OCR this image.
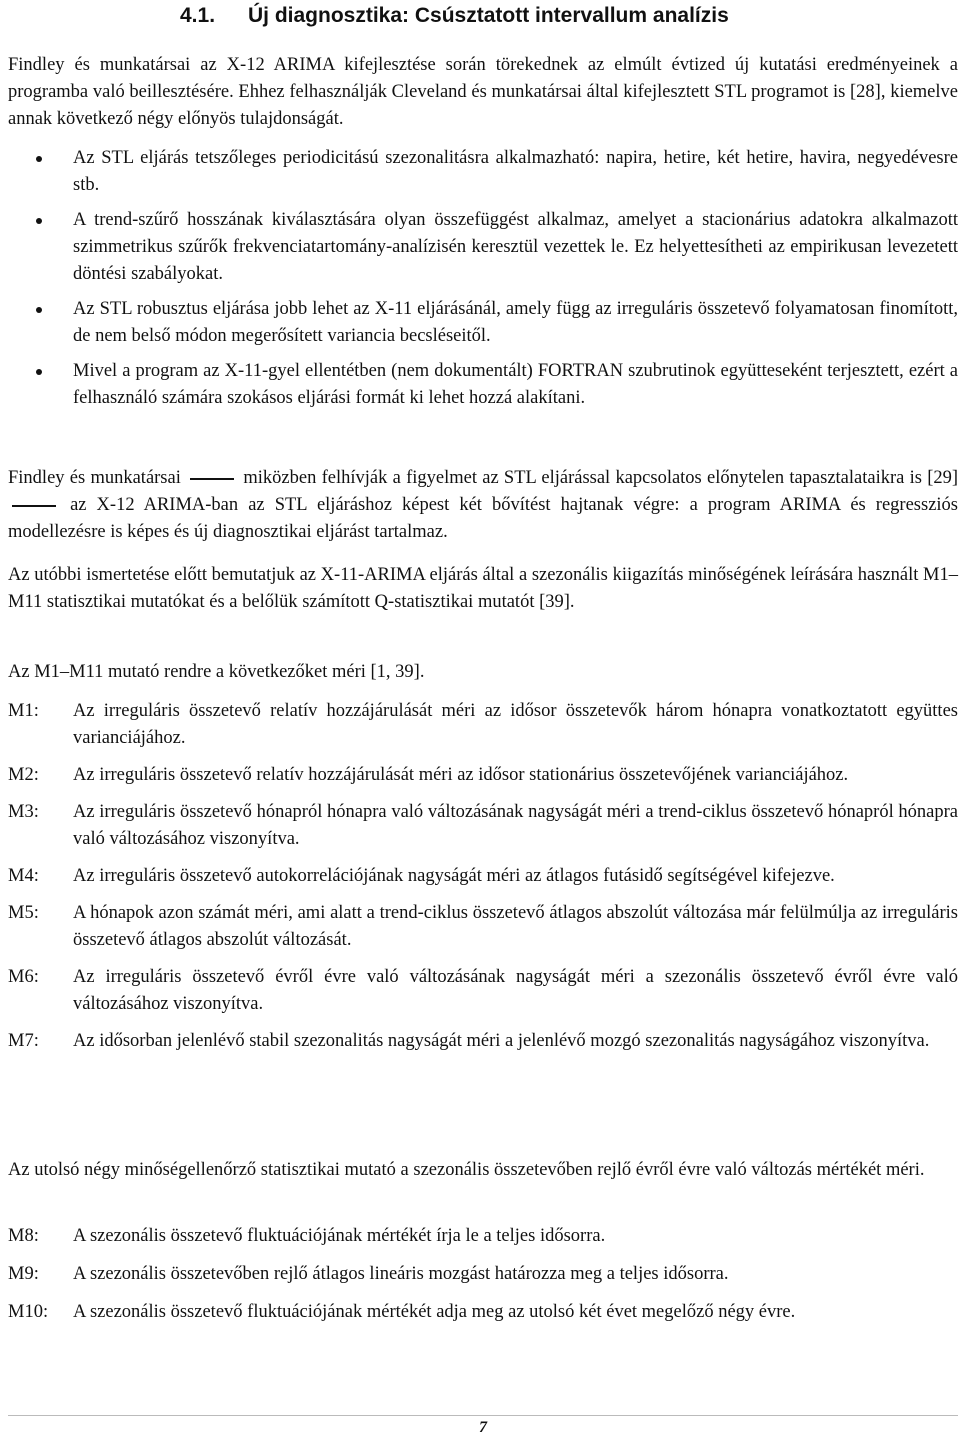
4.1. Új diagnosztika: Csúsztatott intervallum analízis
Findley és munkatársai az X-12 ARIMA kifejlesztése során törekednek az elmúlt évtized új kutatási eredményeinek a programba való beillesztésére. Ehhez felhasználják Cleveland és munkatársai által kifejlesztett STL programot is [28], kiemelve annak következő négy előnyös tulajdonságát.
Az STL eljárás tetszőleges periodicitású szezonalitásra alkalmazható: napira, hetire, két hetire, havira, negyedévesre stb.
A trend-szűrő hosszának kiválasztására olyan összefüggést alkalmaz, amelyet a stacionárius adatokra alkalmazott szimmetrikus szűrők frekvenciatartomány-analízisén keresztül vezettek le. Ez helyettesítheti az empirikusan levezetett döntési szabályokat.
Az STL robusztus eljárása jobb lehet az X-11 eljárásánál, amely függ az irreguláris összetevő folyamatosan finomított, de nem belső módon megerősített variancia becsléseitől.
Mivel a program az X-11-gyel ellentétben (nem dokumentált) FORTRAN szubrutinok együtteseként terjesztett, ezért a felhasználó számára szokásos eljárási formát ki lehet hozzá alakítani.
Findley és munkatársai	miközben felhívják a figyelmet az STL eljárással kapcsolatos előnytelen tapasztalataikra is [29]  az X-12 ARIMA-ban az STL eljáráshoz képest két bővítést hajtanak végre: a program ARIMA és regressziós modellezésre is képes és új diagnosztikai eljárást tartalmaz.
Az utóbbi ismertetése előtt bemutatjuk az X-11-ARIMA eljárás által a szezonális kiigazítás minőségének leírására használt M1–M11 statisztikai mutatókat és a belőlük számított Q-statisztikai mutatót [39].
Az M1–M11 mutató rendre a következőket méri [1, 39].
M1: Az irreguláris összetevő relatív hozzájárulását méri az idősor összetevők három hónapra vonatkoztatott együttes varianciájához.
M2: Az irreguláris összetevő relatív hozzájárulását méri az idősor stationárius összetevőjének varianciájához.
M3: Az irreguláris összetevő hónapról hónapra való változásának nagyságát méri a trend-ciklus összetevő hónapról hónapra való változásához viszonyítva.
M4: Az irreguláris összetevő autokorrelációjának nagyságát méri az átlagos futásidő segítségével kifejezve.
M5: A hónapok azon számát méri, ami alatt a trend-ciklus összetevő átlagos abszolút változása már felülmúlja az irreguláris összetevő átlagos abszolút változását.
M6: Az irreguláris összetevő évről évre való változásának nagyságát méri a szezonális összetevő évről évre való változásához viszonyítva.
M7: Az idősorban jelenlévő stabil szezonalitás nagyságát méri a jelenlévő mozgó szezonalitás nagyságához viszonyítva.
Az utolsó négy minőségellenőrző statisztikai mutató a szezonális összetevőben rejlő évről évre való változás mértékét méri.
M8: A szezonális összetevő fluktuációjának mértékét írja le a teljes idősorra.
M9: A szezonális összetevőben rejlő átlagos lineáris mozgást határozza meg a teljes idősorra.
M10: A szezonális összetevő fluktuációjának mértékét adja meg az utolsó két évet megelőző négy évre.
7
